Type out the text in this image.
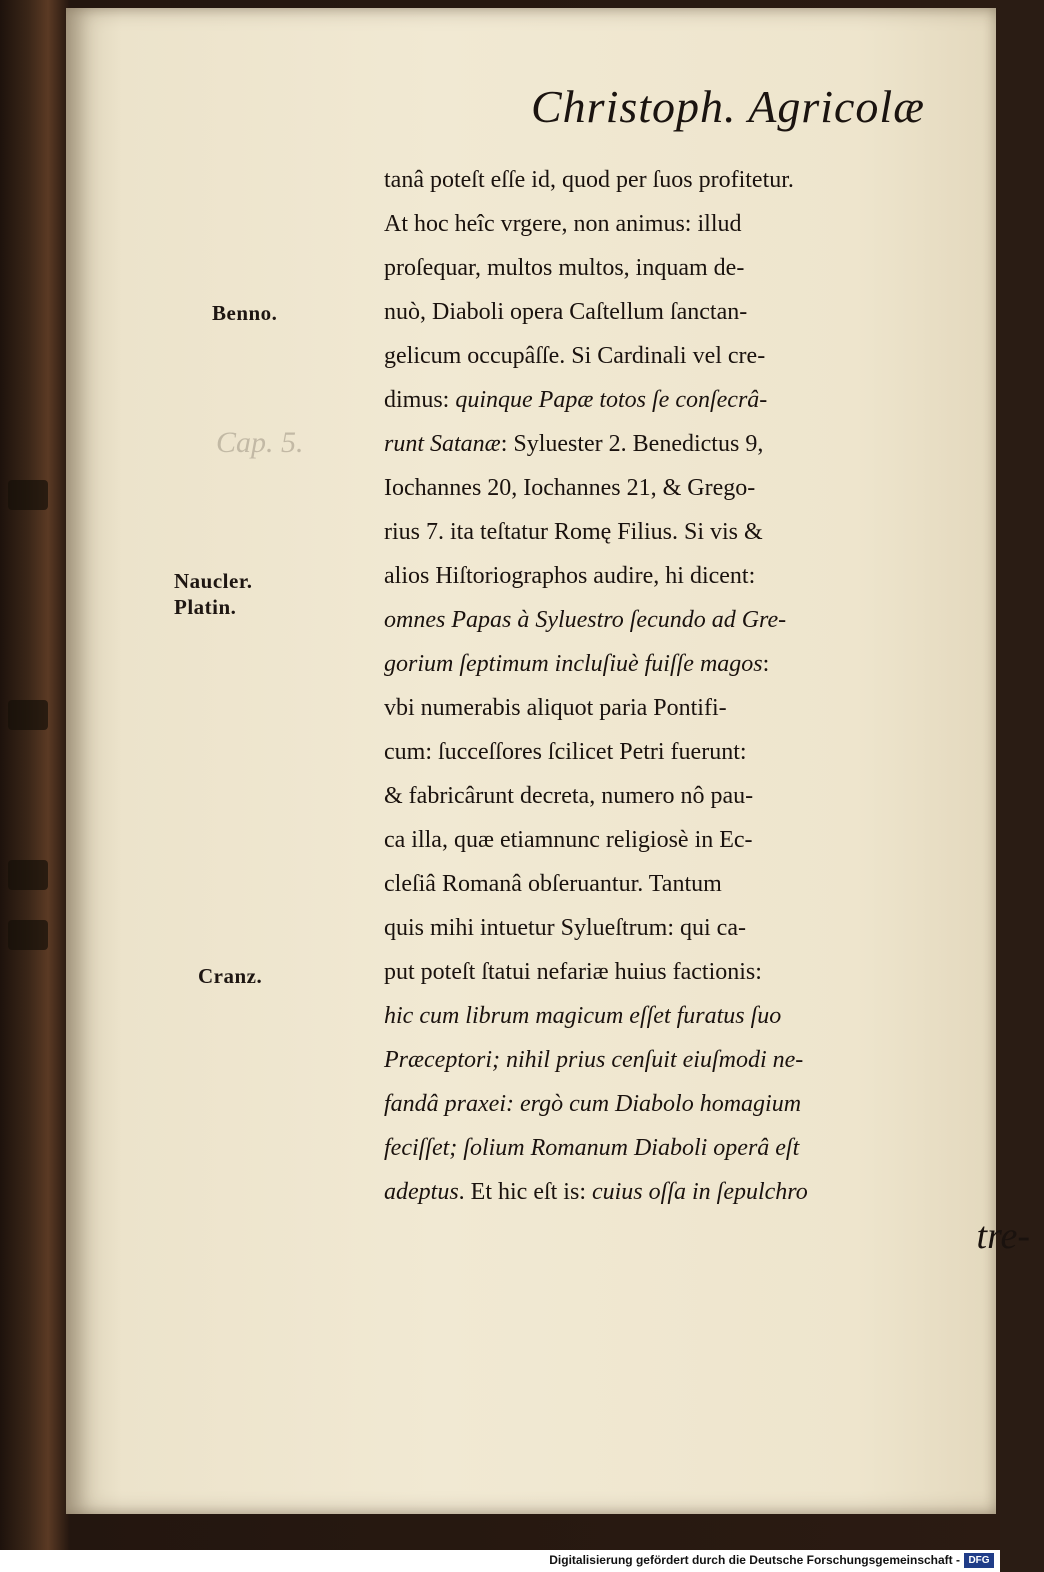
Christoph. Agricolæ
Benno.
Naucler.
Platin.
Cranz.
Cap. 5.
tanâ poteſt eſſe id, quod per ſuos profitetur.
At hoc heîc vrgere, non animus: illud
proſequar, multos multos, inquam de-
nuò, Diaboli opera Caſtellum ſanctan-
gelicum occupâſſe. Si Cardinali vel cre-
dimus: quinque Papæ totos ſe conſecrâ-
runt Satanæ: Syluester 2. Benedictus 9,
Iochannes 20, Iochannes 21, & Grego-
rius 7. ita teſtatur Romę Filius. Si vis &
alios Hiſtoriographos audire, hi dicent:
omnes Papas à Syluestro ſecundo ad Gre-
gorium ſeptimum incluſiuè fuiſſe magos:
vbi numerabis aliquot paria Pontifi-
cum: ſucceſſores ſcilicet Petri fuerunt:
& fabricârunt decreta, numero nô pau-
ca illa, quæ etiamnunc religiosè in Ec-
cleſiâ Romanâ obſeruantur. Tantum
quis mihi intuetur Sylueſtrum: qui ca-
put poteſt ſtatui nefariæ huius factionis:
hic cum librum magicum eſſet furatus ſuo
Præceptori; nihil prius cenſuit eiuſmodi ne-
fandâ praxei: ergò cum Diabolo homagium
feciſſet; ſolium Romanum Diaboli operâ eſt
adeptus. Et hic eſt is: cuius oſſa in ſepulchro
tre-
Digitalisierung gefördert durch die Deutsche Forschungsgemeinschaft - DFG
